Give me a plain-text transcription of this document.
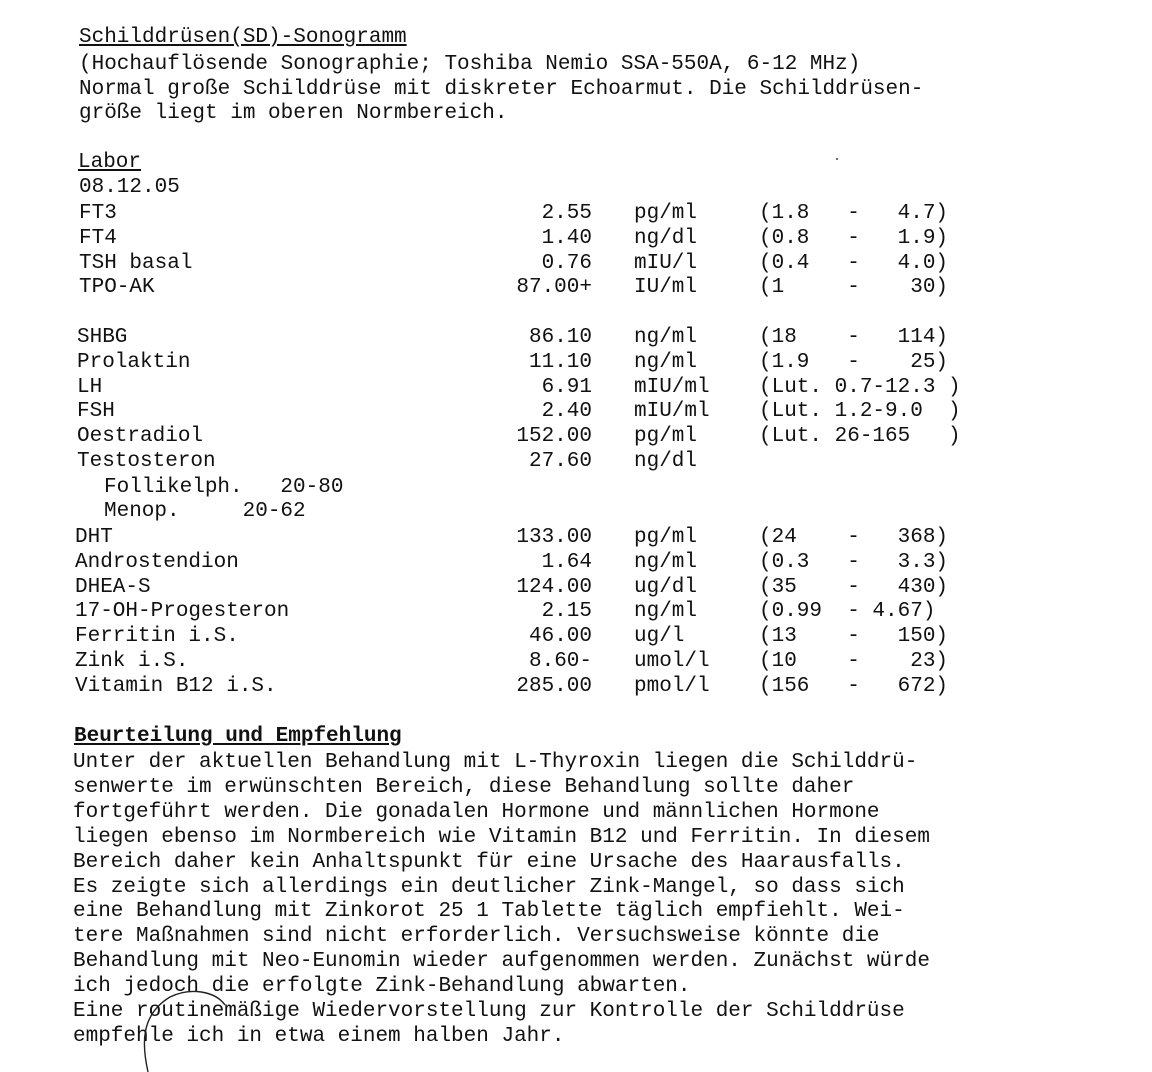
Schilddrüsen(SD)-Sonogramm
(Hochauflösende Sonographie; Toshiba Nemio SSA-550A, 6-12 MHz)
Normal große Schilddrüse mit diskreter Echoarmut. Die Schilddrüsen-
größe liegt im oberen Normbereich.
Labor
08.12.05
FT3	2.55 pg/ml	(1.8   -   4.7)
FT4	1.40 ng/dl	(0.8   -   1.9)
TSH basal	0.76 mIU/l	(0.4   -   4.0)
TPO-AK	87.00+ IU/ml	(1     -    30)
SHBG	86.10 ng/ml	(18    -   114)
Prolaktin	11.10 ng/ml	(1.9   -    25)
LH	6.91 mIU/ml (Lut. 0.7-12.3 )
FSH	2.40 mIU/ml (Lut. 1.2-9.0  )
Oestradiol	152.00 pg/ml	(Lut. 26-165   )
Testosteron	27.60 ng/dl
Follikelph.   20-80
Menop.     20-62
DHT	133.00 pg/ml	(24    -   368)
Androstendion	1.64 ng/ml	(0.3   -   3.3)
DHEA-S	124.00 ug/dl	(35    -   430)
17-OH-Progesteron	2.15 ng/ml	(0.99  - 4.67)
Ferritin i.S.	46.00 ug/l	(13    -   150)
Zink i.S.	8.60- umol/l (10    -    23)
Vitamin B12 i.S.	285.00 pmol/l (156   -   672)
Beurteilung und Empfehlung
Unter der aktuellen Behandlung mit L-Thyroxin liegen die Schilddrü-
senwerte im erwünschten Bereich, diese Behandlung sollte daher
fortgeführt werden. Die gonadalen Hormone und männlichen Hormone
liegen ebenso im Normbereich wie Vitamin B12 und Ferritin. In diesem
Bereich daher kein Anhaltspunkt für eine Ursache des Haarausfalls.
Es zeigte sich allerdings ein deutlicher Zink-Mangel, so dass sich
eine Behandlung mit Zinkorot 25 1 Tablette täglich empfiehlt. Wei-
tere Maßnahmen sind nicht erforderlich. Versuchsweise könnte die
Behandlung mit Neo-Eunomin wieder aufgenommen werden. Zunächst würde
ich jedoch die erfolgte Zink-Behandlung abwarten.
Eine routinemäßige Wiedervorstellung zur Kontrolle der Schilddrüse
empfehle ich in etwa einem halben Jahr.
